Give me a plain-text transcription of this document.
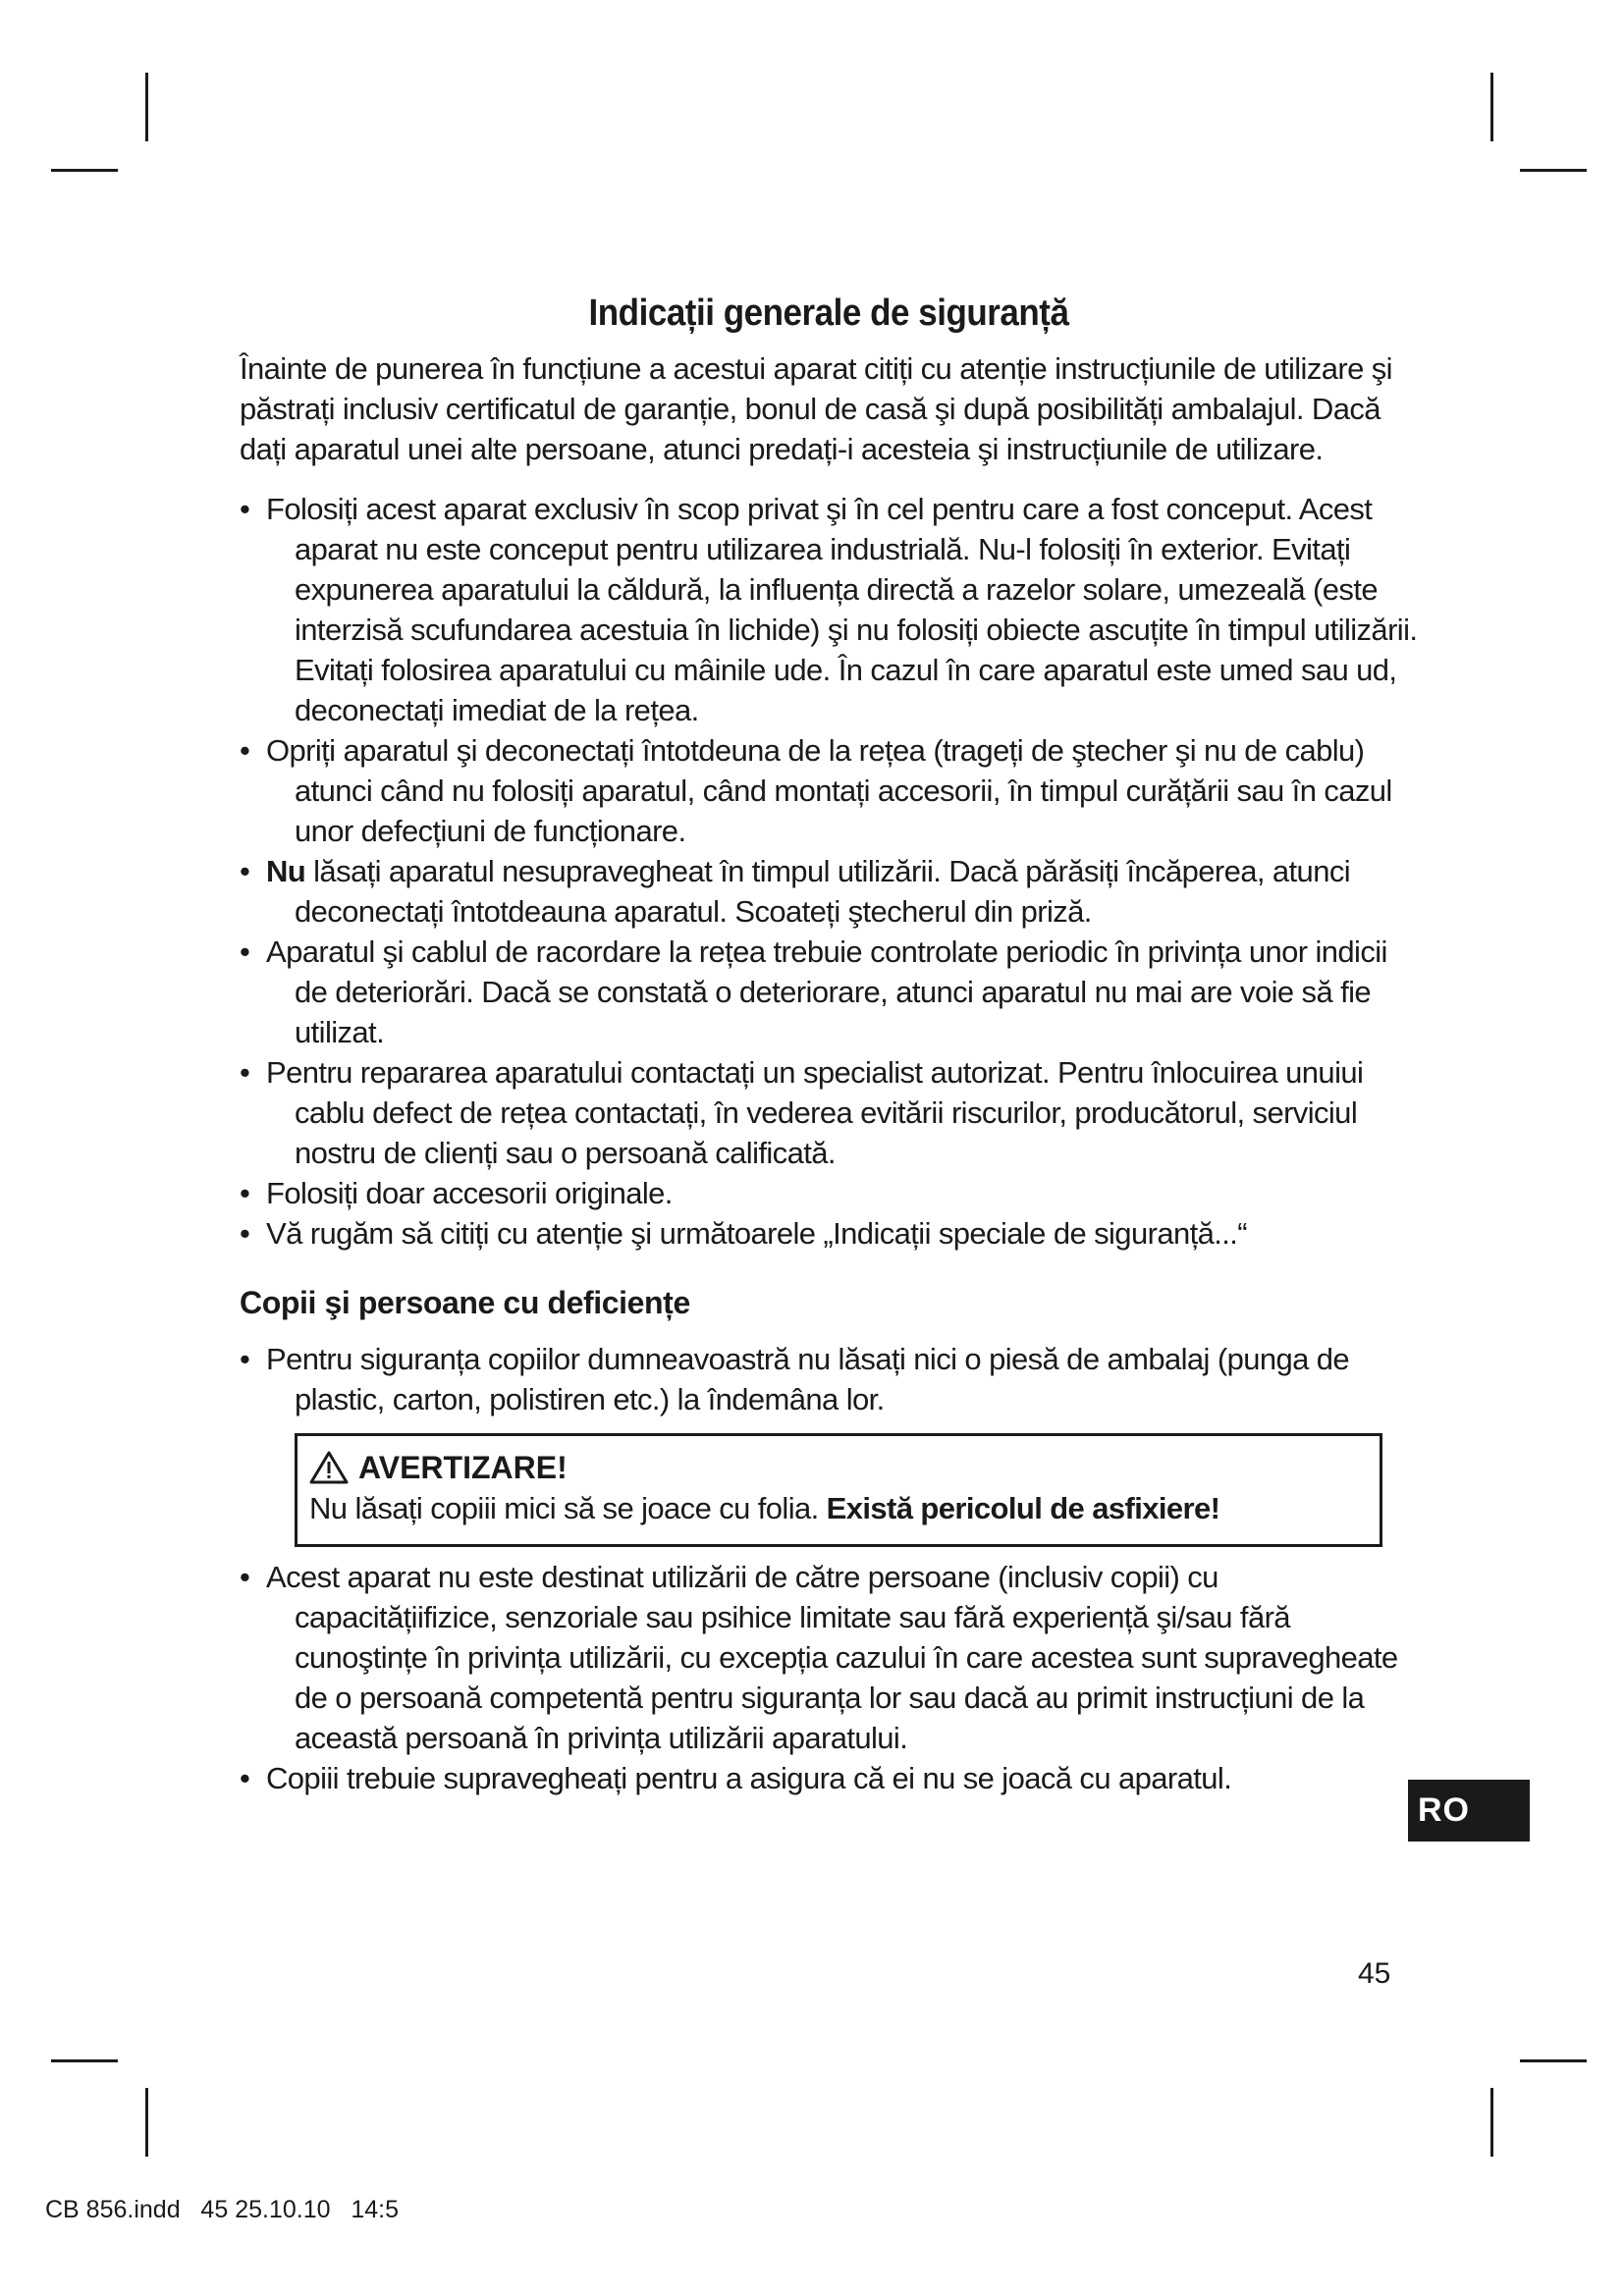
Indicații generale de siguranță

Înainte de punerea în funcțiune a acestui aparat citiți cu atenție instrucțiunile de utilizare şi păstrați inclusiv certificatul de garanție, bonul de casă şi după posibilități ambalajul. Dacă dați aparatul unei alte persoane, atunci predați-i acesteia şi instrucțiunile de utilizare.

• Folosiți acest aparat exclusiv în scop privat şi în cel pentru care a fost conceput. Acest aparat nu este conceput pentru utilizarea industrială. Nu-l folosiți în exterior. Evitați expunerea aparatului la căldură, la influența directă a razelor solare, umezeală (este interzisă scufundarea acestuia în lichide) şi nu folosiți obiecte ascuțite în timpul utilizării. Evitați folosirea aparatului cu mâinile ude. În cazul în care aparatul este umed sau ud, deconectați imediat de la rețea.
• Opriți aparatul şi deconectați întotdeuna de la rețea (trageți de ştecher şi nu de cablu) atunci când nu folosiți aparatul, când montați accesorii, în timpul curățării sau în cazul unor defecțiuni de funcționare.
• Nu lăsați aparatul nesupravegheat în timpul utilizării. Dacă părăsiți încăperea, atunci deconectați întotdeauna aparatul. Scoateți ştecherul din priză.
• Aparatul şi cablul de racordare la rețea trebuie controlate periodic în privința unor indicii de deteriorări. Dacă se constată o deteriorare, atunci aparatul nu mai are voie să fie utilizat.
• Pentru repararea aparatului contactați un specialist autorizat. Pentru înlocuirea unuiui cablu defect de rețea contactați, în vederea evitării riscurilor, producătorul, serviciul nostru de clienți sau o persoană calificată.
• Folosiți doar accesorii originale.
• Vă rugăm să citiți cu atenție şi următoarele „Indicații speciale de siguranță...“
Copii şi persoane cu deficiențe
• Pentru siguranța copiilor dumneavoastră nu lăsați nici o piesă de ambalaj (punga de plastic, carton, polistiren etc.) la îndemâna lor.
AVERTIZARE!
Nu lăsați copiii mici să se joace cu folia. Există pericolul de asfixiere!
• Acest aparat nu este destinat utilizării de către persoane (inclusiv copii) cu capacitățiifizice, senzoriale sau psihice limitate sau fără experiență şi/sau fără cunoştințe în privința utilizării, cu excepția cazului în care acestea sunt supravegheate de o persoană competentă pentru siguranța lor sau dacă au primit instrucțiuni de la această persoană în privința utilizării aparatului.
• Copiii trebuie supravegheați pentru a asigura că ei nu se joacă cu aparatul.
RO
45
CB 856.indd   45 25.10.10   14:5
